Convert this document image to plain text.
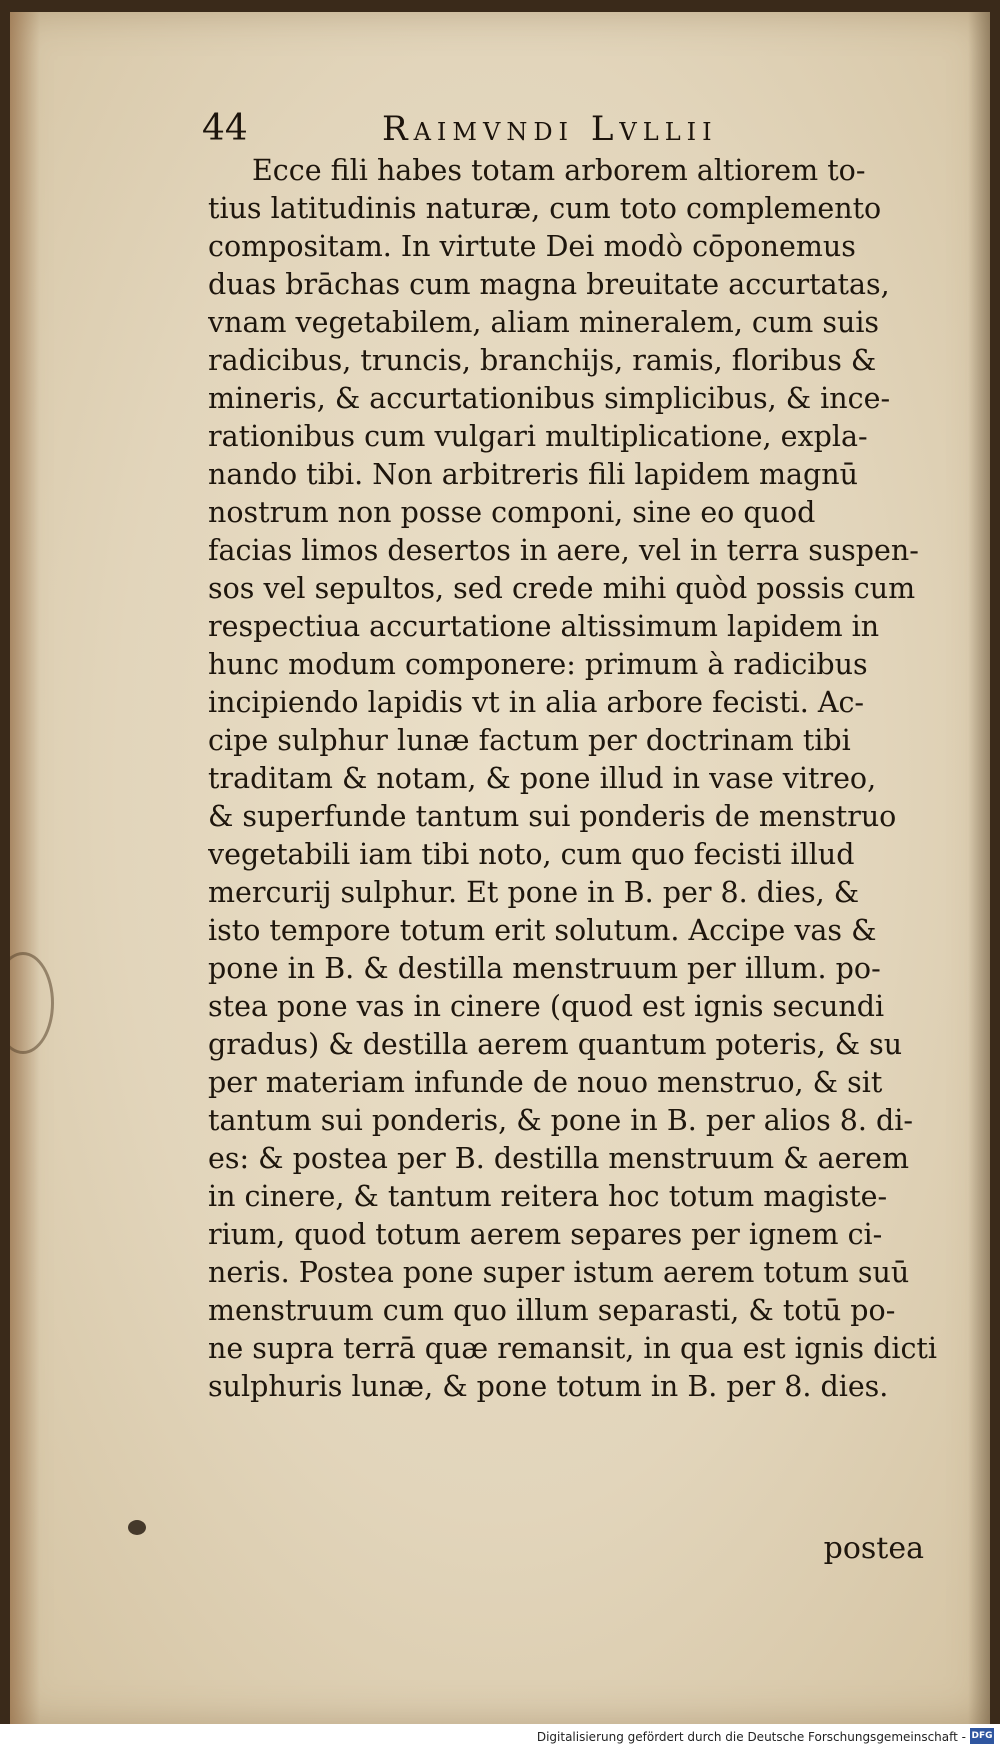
44	Raimvndi Lvllii
Ecce fili habes totam arborem altiorem to-
tius latitudinis naturæ, cum toto complemento
compositam. In virtute Dei modò cōponemus
duas brāchas cum magna breuitate accurtatas,
vnam vegetabilem, aliam mineralem, cum suis
radicibus, truncis, branchijs, ramis, floribus &
mineris, & accurtationibus simplicibus, & ince-
rationibus cum vulgari multiplicatione, expla-
nando tibi. Non arbitreris fili lapidem magnū
nostrum non posse componi, sine eo quod
facias limos desertos in aere, vel in terra suspen-
sos vel sepultos, sed crede mihi quòd possis cum
respectiua accurtatione altissimum lapidem in
hunc modum componere: primum à radicibus
incipiendo lapidis vt in alia arbore fecisti. Ac-
cipe sulphur lunæ factum per doctrinam tibi
traditam & notam, & pone illud in vase vitreo,
& superfunde tantum sui ponderis de menstruo
vegetabili iam tibi noto, cum quo fecisti illud
mercurij sulphur. Et pone in B. per 8. dies, &
isto tempore totum erit solutum. Accipe vas &
pone in B. & destilla menstruum per illum. po-
stea pone vas in cinere (quod est ignis secundi
gradus) & destilla aerem quantum poteris, & su
per materiam infunde de nouo menstruo, & sit
tantum sui ponderis, & pone in B. per alios 8. di-
es: & postea per B. destilla menstruum & aerem
in cinere, & tantum reitera hoc totum magiste-
rium, quod totum aerem separes per ignem ci-
neris. Postea pone super istum aerem totum suū
menstruum cum quo illum separasti, & totū po-
ne supra terrā quæ remansit, in qua est ignis dicti
sulphuris lunæ, & pone totum in B. per 8. dies.
postea
Digitalisierung gefördert durch die Deutsche Forschungsgemeinschaft - DFG
